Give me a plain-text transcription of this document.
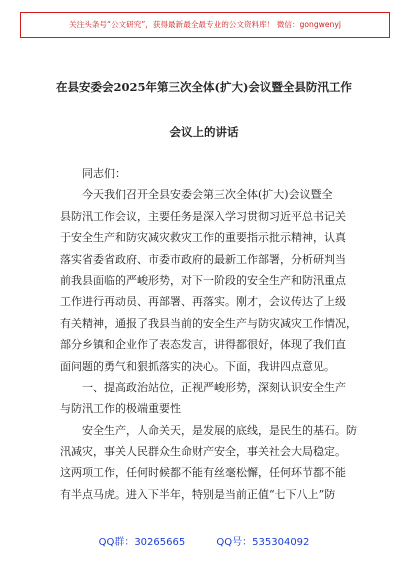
关注头条号“公文研究”，获得最新最全最专业的公文资料库！ 微信：gongwenyj
在县安委会2025年第三次全体(扩大)会议暨全县防汛工作
会议上的讲话
同志们：
今天我们召开全县安委会第三次全体(扩大)会议暨全
县防汛工作会议，主要任务是深入学习贯彻习近平总书记关
于安全生产和防灾减灾救灾工作的重要指示批示精神，认真
落实省委省政府、市委市政府的最新工作部署，分析研判当
前我县面临的严峻形势，对下一阶段的安全生产和防汛重点
工作进行再动员、再部署、再落实。刚才，会议传达了上级
有关精神，通报了我县当前的安全生产与防灾减灾工作情况，
部分乡镇和企业作了表态发言，讲得都很好，体现了我们直
面问题的勇气和狠抓落实的决心。下面，我讲四点意见。
一、提高政治站位，正视严峻形势，深刻认识安全生产
与防汛工作的极端重要性
安全生产，人命关天，是发展的底线，是民生的基石。防
汛减灾，事关人民群众生命财产安全，事关社会大局稳定。
这两项工作，任何时候都不能有丝毫松懈，任何环节都不能
有半点马虎。进入下半年，特别是当前正值“七下八上”防
QQ群：30265665	QQ号：535304092
